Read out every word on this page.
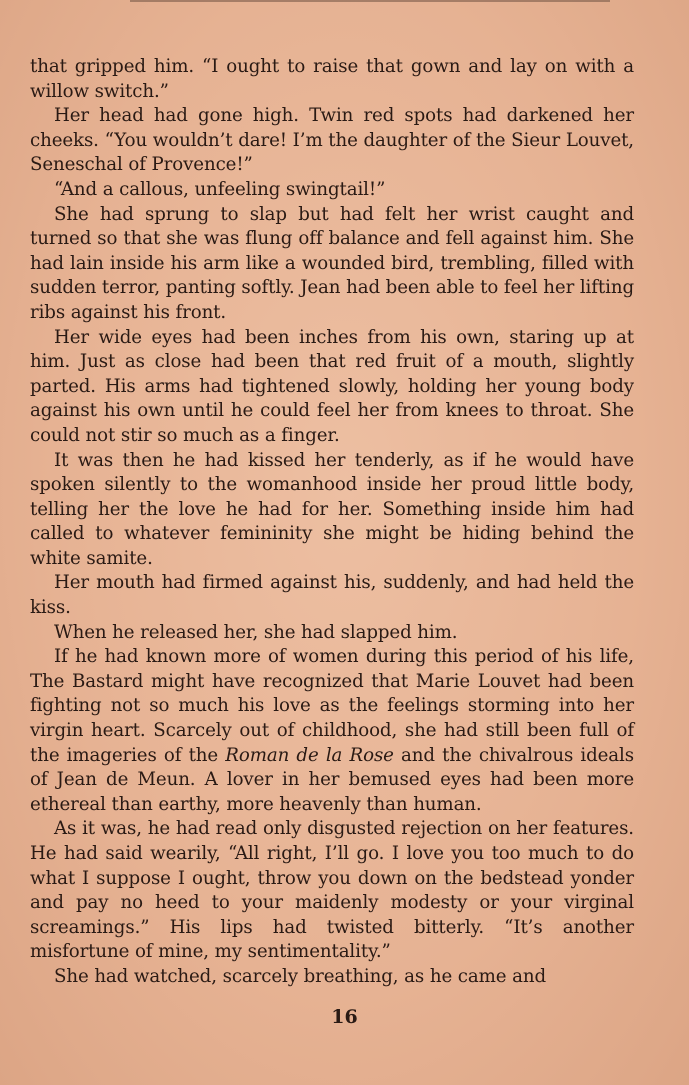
that gripped him. “I ought to raise that gown and lay on with a willow switch.”

Her head had gone high. Twin red spots had darkened her cheeks. “You wouldn’t dare! I’m the daughter of the Sieur Louvet, Seneschal of Provence!”

“And a callous, unfeeling swingtail!”

She had sprung to slap but had felt her wrist caught and turned so that she was flung off balance and fell against him. She had lain inside his arm like a wounded bird, trembling, filled with sudden terror, panting softly. Jean had been able to feel her lifting ribs against his front.

Her wide eyes had been inches from his own, staring up at him. Just as close had been that red fruit of a mouth, slightly parted. His arms had tightened slowly, holding her young body against his own until he could feel her from knees to throat. She could not stir so much as a finger.

It was then he had kissed her tenderly, as if he would have spoken silently to the womanhood inside her proud little body, telling her the love he had for her. Something inside him had called to whatever femininity she might be hiding behind the white samite.

Her mouth had firmed against his, suddenly, and had held the kiss.

When he released her, she had slapped him.

If he had known more of women during this period of his life, The Bastard might have recognized that Marie Louvet had been fighting not so much his love as the feelings storming into her virgin heart. Scarcely out of childhood, she had still been full of the imageries of the Roman de la Rose and the chivalrous ideals of Jean de Meun. A lover in her bemused eyes had been more ethereal than earthy, more heavenly than human.

As it was, he had read only disgusted rejection on her features. He had said wearily, “All right, I’ll go. I love you too much to do what I suppose I ought, throw you down on the bedstead yonder and pay no heed to your maidenly modesty or your virginal screamings.” His lips had twisted bitterly. “It’s another misfortune of mine, my sentimentality.”

She had watched, scarcely breathing, as he came and

16
